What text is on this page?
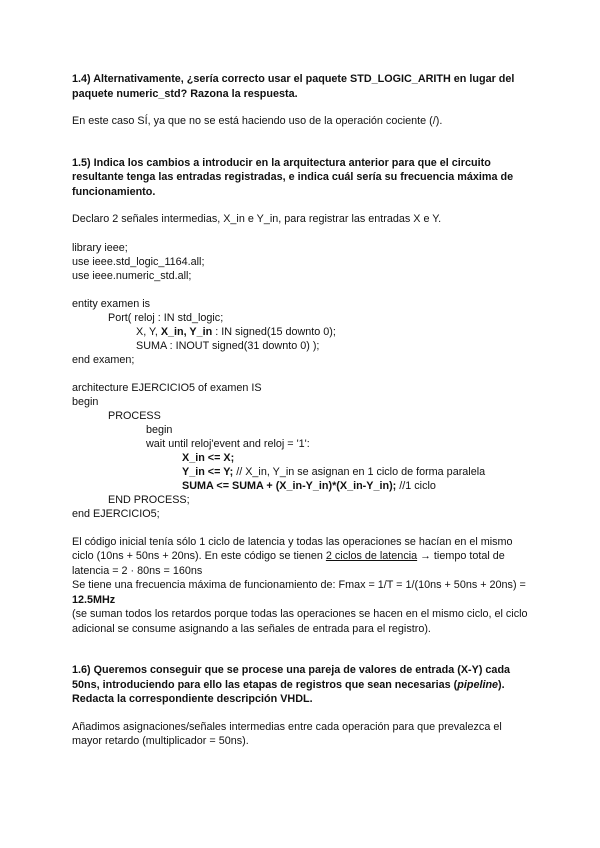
1.4) Alternativamente, ¿sería correcto usar el paquete STD_LOGIC_ARITH en lugar del paquete numeric_std? Razona la respuesta.
En este caso SÍ, ya que no se está haciendo uso de la operación cociente (/).
1.5) Indica los cambios a introducir en la arquitectura anterior para que el circuito resultante tenga las entradas registradas, e indica cuál sería su frecuencia máxima de funcionamiento.
Declaro 2 señales intermedias, X_in e Y_in, para registrar las entradas X e Y.
library ieee;
use ieee.std_logic_1164.all;
use ieee.numeric_std.all;
entity examen is
Port( reloj : IN std_logic;
X, Y, X_in, Y_in : IN signed(15 downto 0);
SUMA : INOUT signed(31 downto 0) );
end examen;
architecture EJERCICIO5 of examen IS
begin
PROCESS
begin
wait until reloj'event and reloj = '1':
X_in <= X;
Y_in <= Y; // X_in, Y_in se asignan en 1 ciclo de forma paralela
SUMA <= SUMA + (X_in-Y_in)*(X_in-Y_in); //1 ciclo
END PROCESS;
end EJERCICIO5;
El código inicial tenía sólo 1 ciclo de latencia y todas las operaciones se hacían en el mismo ciclo (10ns + 50ns + 20ns). En este código se tienen 2 ciclos de latencia → tiempo total de latencia = 2 · 80ns = 160ns
Se tiene una frecuencia máxima de funcionamiento de: Fmax = 1/T = 1/(10ns + 50ns + 20ns) = 12.5MHz
(se suman todos los retardos porque todas las operaciones se hacen en el mismo ciclo, el ciclo adicional se consume asignando a las señales de entrada para el registro).
1.6) Queremos conseguir que se procese una pareja de valores de entrada (X-Y) cada 50ns, introduciendo para ello las etapas de registros que sean necesarias (pipeline). Redacta la correspondiente descripción VHDL.
Añadimos asignaciones/señales intermedias entre cada operación para que prevalezca el mayor retardo (multiplicador = 50ns).
